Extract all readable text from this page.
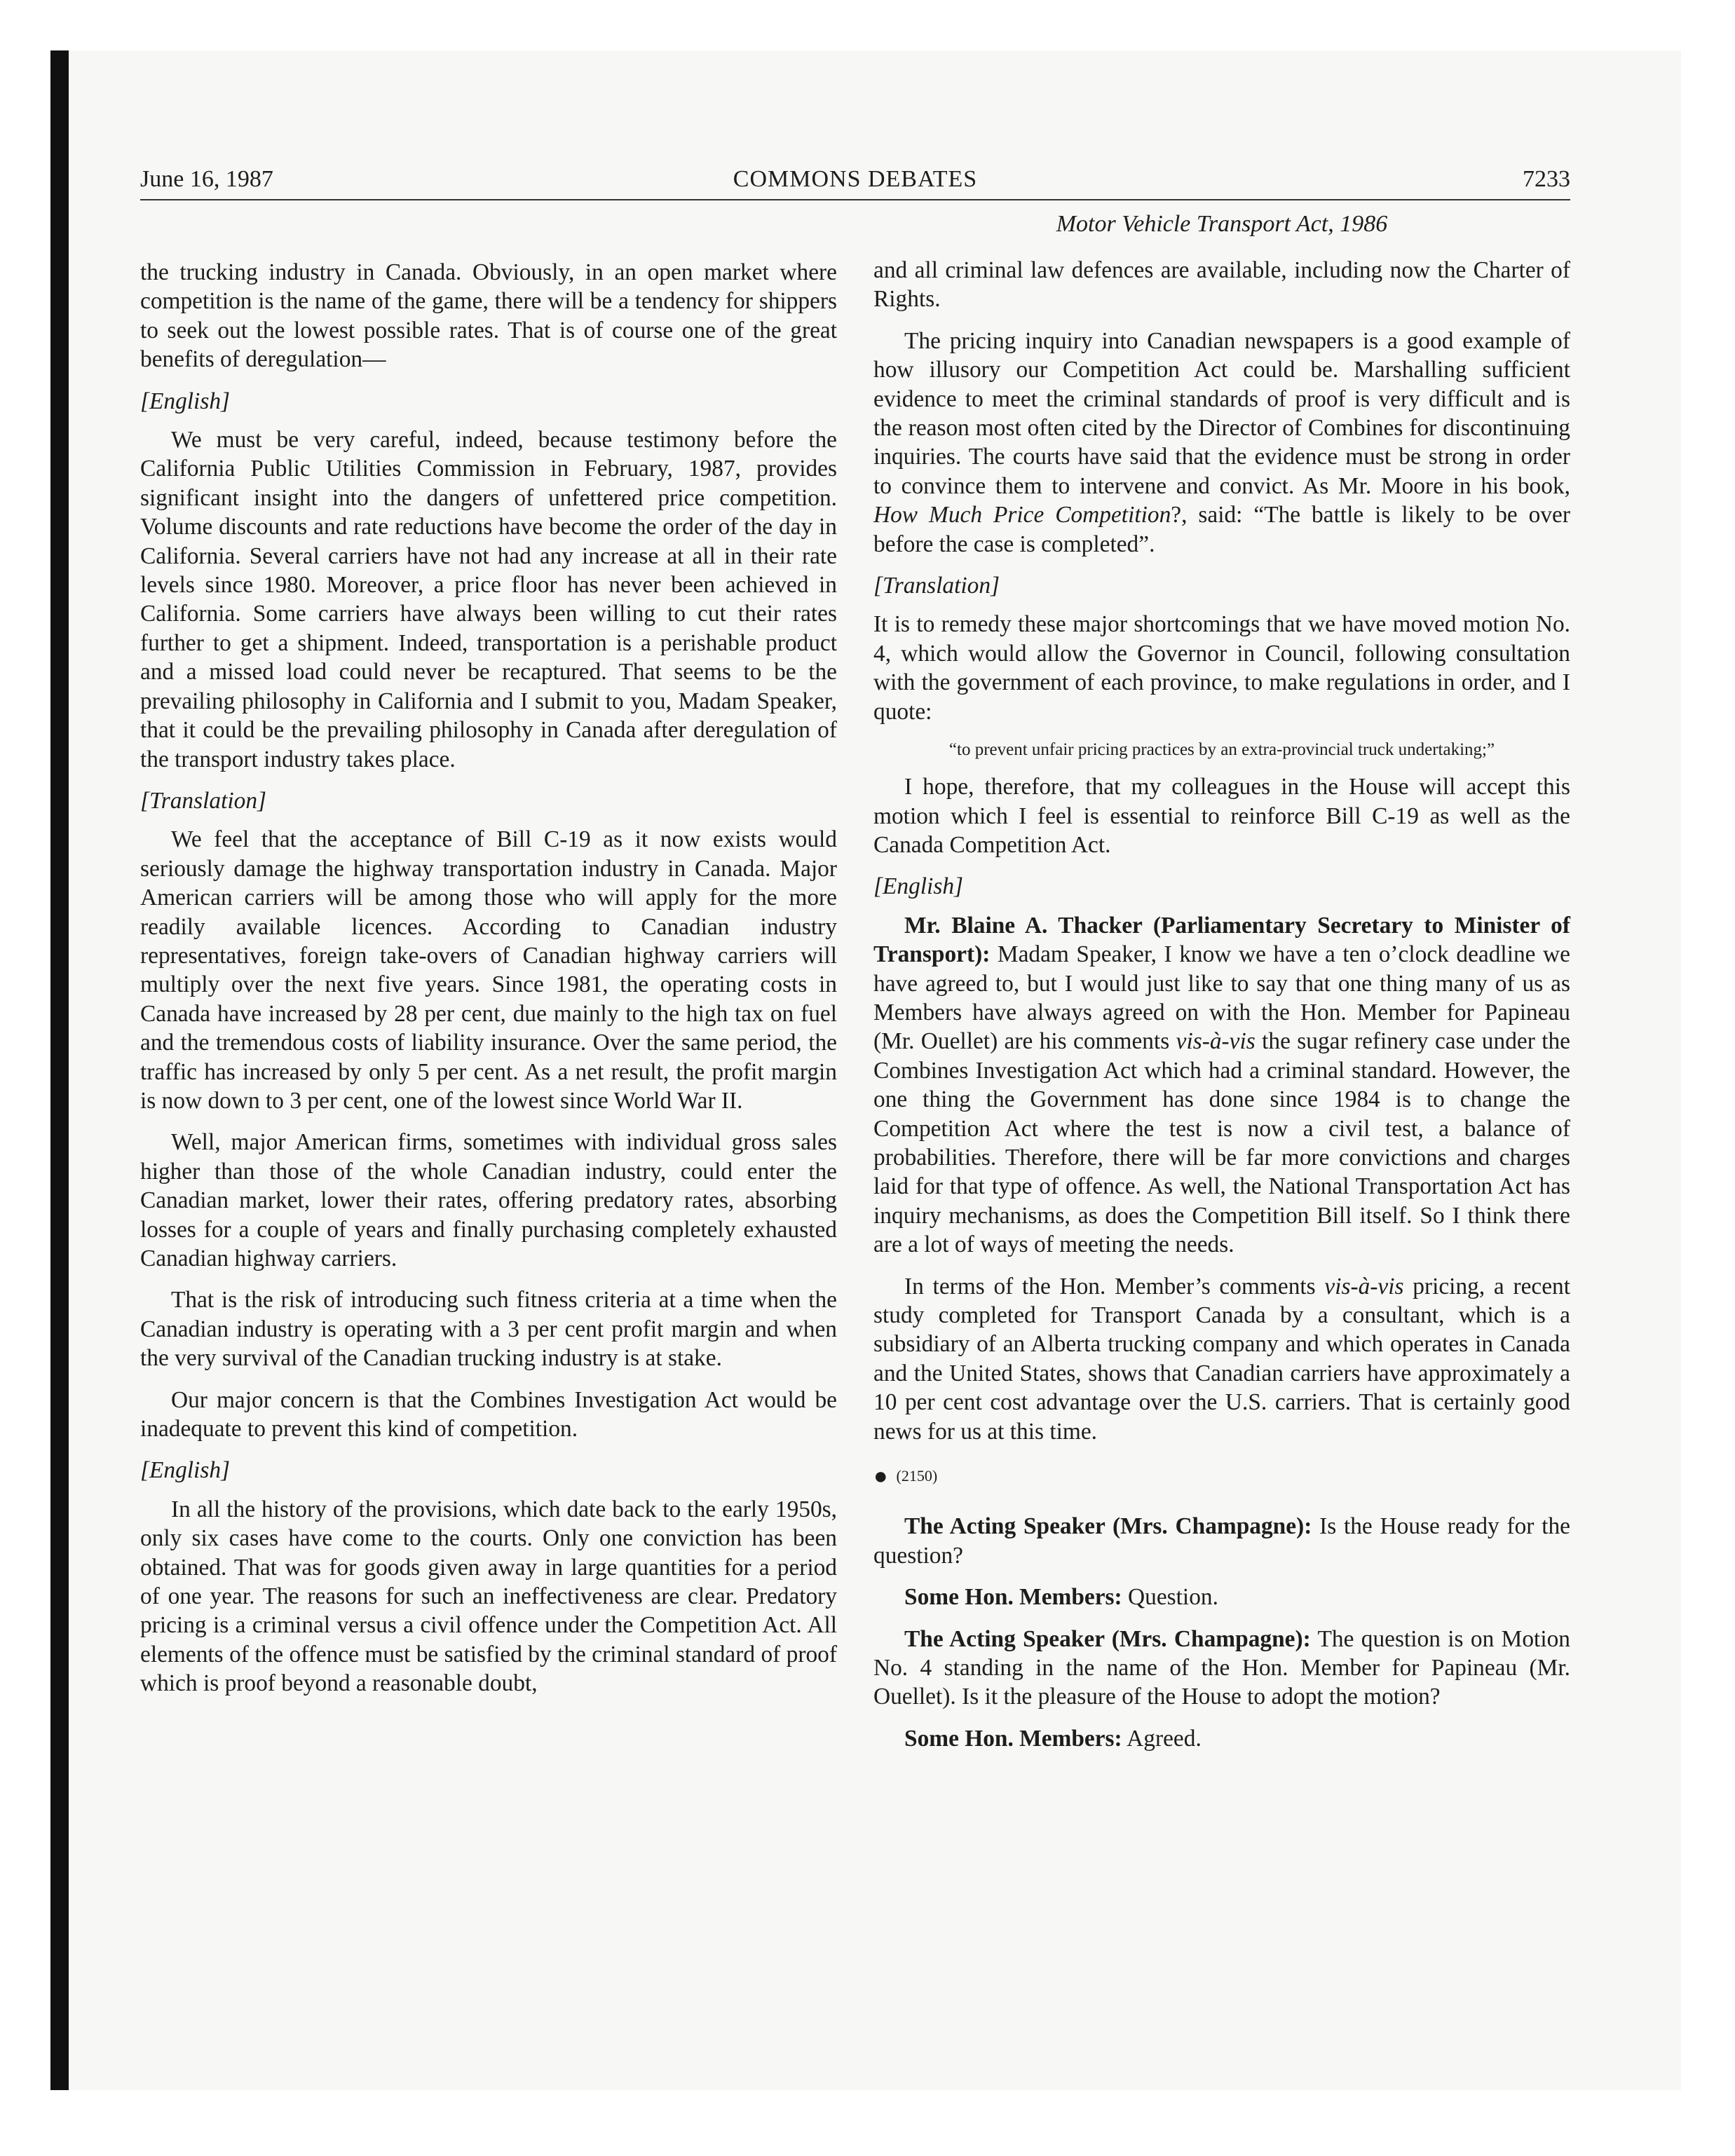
June 16, 1987	COMMONS DEBATES	7233
Motor Vehicle Transport Act, 1986

the trucking industry in Canada. Obviously, in an open market where competition is the name of the game, there will be a tendency for shippers to seek out the lowest possible rates. That is of course one of the great benefits of deregulation—

[English]

We must be very careful, indeed, because testimony before the California Public Utilities Commission in February, 1987, provides significant insight into the dangers of unfettered price competition. Volume discounts and rate reductions have become the order of the day in California. Several carriers have not had any increase at all in their rate levels since 1980. Moreover, a price floor has never been achieved in California. Some carriers have always been willing to cut their rates further to get a shipment. Indeed, transportation is a perishable product and a missed load could never be recaptured. That seems to be the prevailing philosophy in California and I submit to you, Madam Speaker, that it could be the prevailing philosophy in Canada after deregulation of the transport industry takes place.

[Translation]

We feel that the acceptance of Bill C-19 as it now exists would seriously damage the highway transportation industry in Canada. Major American carriers will be among those who will apply for the more readily available licences. According to Canadian industry representatives, foreign take-overs of Canadian highway carriers will multiply over the next five years. Since 1981, the operating costs in Canada have increased by 28 per cent, due mainly to the high tax on fuel and the tremendous costs of liability insurance. Over the same period, the traffic has increased by only 5 per cent. As a net result, the profit margin is now down to 3 per cent, one of the lowest since World War II.

Well, major American firms, sometimes with individual gross sales higher than those of the whole Canadian industry, could enter the Canadian market, lower their rates, offering predatory rates, absorbing losses for a couple of years and finally purchasing completely exhausted Canadian highway carriers.

That is the risk of introducing such fitness criteria at a time when the Canadian industry is operating with a 3 per cent profit margin and when the very survival of the Canadian trucking industry is at stake.

Our major concern is that the Combines Investigation Act would be inadequate to prevent this kind of competition.

[English]

In all the history of the provisions, which date back to the early 1950s, only six cases have come to the courts. Only one conviction has been obtained. That was for goods given away in large quantities for a period of one year. The reasons for such an ineffectiveness are clear. Predatory pricing is a criminal versus a civil offence under the Competition Act. All elements of the offence must be satisfied by the criminal standard of proof which is proof beyond a reasonable doubt,

and all criminal law defences are available, including now the Charter of Rights.

The pricing inquiry into Canadian newspapers is a good example of how illusory our Competition Act could be. Marshalling sufficient evidence to meet the criminal standards of proof is very difficult and is the reason most often cited by the Director of Combines for discontinuing inquiries. The courts have said that the evidence must be strong in order to convince them to intervene and convict. As Mr. Moore in his book, How Much Price Competition?, said: “The battle is likely to be over before the case is completed”.

[Translation]

It is to remedy these major shortcomings that we have moved motion No. 4, which would allow the Governor in Council, following consultation with the government of each province, to make regulations in order, and I quote:

“to prevent unfair pricing practices by an extra-provincial truck undertaking;”

I hope, therefore, that my colleagues in the House will accept this motion which I feel is essential to reinforce Bill C-19 as well as the Canada Competition Act.

[English]

Mr. Blaine A. Thacker (Parliamentary Secretary to Minister of Transport): Madam Speaker, I know we have a ten o’clock deadline we have agreed to, but I would just like to say that one thing many of us as Members have always agreed on with the Hon. Member for Papineau (Mr. Ouellet) are his comments vis-à-vis the sugar refinery case under the Combines Investigation Act which had a criminal standard. However, the one thing the Government has done since 1984 is to change the Competition Act where the test is now a civil test, a balance of probabilities. Therefore, there will be far more convictions and charges laid for that type of offence. As well, the National Transportation Act has inquiry mechanisms, as does the Competition Bill itself. So I think there are a lot of ways of meeting the needs.

In terms of the Hon. Member’s comments vis-à-vis pricing, a recent study completed for Transport Canada by a consultant, which is a subsidiary of an Alberta trucking company and which operates in Canada and the United States, shows that Canadian carriers have approximately a 10 per cent cost advantage over the U.S. carriers. That is certainly good news for us at this time.

● (2150)

The Acting Speaker (Mrs. Champagne): Is the House ready for the question?

Some Hon. Members: Question.

The Acting Speaker (Mrs. Champagne): The question is on Motion No. 4 standing in the name of the Hon. Member for Papineau (Mr. Ouellet). Is it the pleasure of the House to adopt the motion?

Some Hon. Members: Agreed.
